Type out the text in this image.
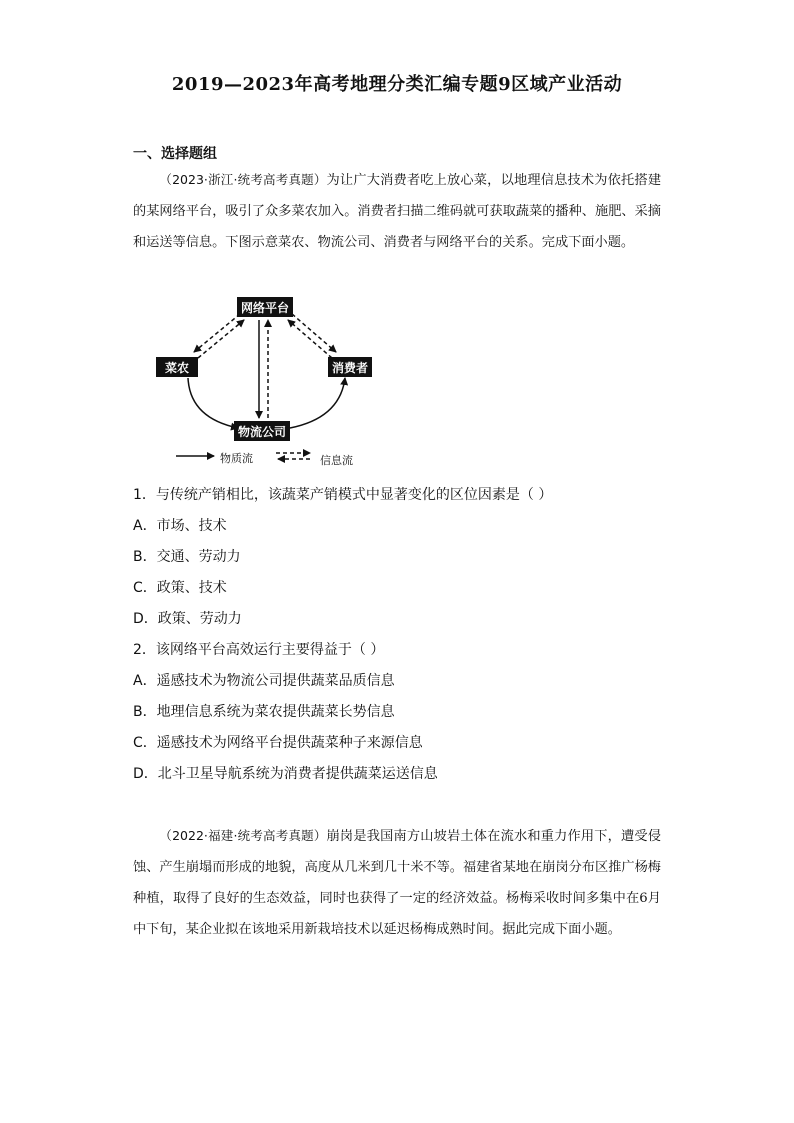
2019—2023年高考地理分类汇编专题9区域产业活动
一、选择题组
（2023·浙江·统考高考真题）为让广大消费者吃上放心菜，以地理信息技术为依托搭建的某网络平台，吸引了众多菜农加入。消费者扫描二维码就可获取蔬菜的播种、施肥、采摘和运送等信息。下图示意菜农、物流公司、消费者与网络平台的关系。完成下面小题。
网络平台
菜农	消费者
物流公司
物质流	信息流
1．与传统产销相比，该蔬菜产销模式中显著变化的区位因素是（ ）
A．市场、技术
B．交通、劳动力
C．政策、技术
D．政策、劳动力
2．该网络平台高效运行主要得益于（ ）
A．遥感技术为物流公司提供蔬菜品质信息
B．地理信息系统为菜农提供蔬菜长势信息
C．遥感技术为网络平台提供蔬菜种子来源信息
D．北斗卫星导航系统为消费者提供蔬菜运送信息
（2022·福建·统考高考真题）崩岗是我国南方山坡岩土体在流水和重力作用下，遭受侵蚀、产生崩塌而形成的地貌，高度从几米到几十米不等。福建省某地在崩岗分布区推广杨梅种植，取得了良好的生态效益，同时也获得了一定的经济效益。杨梅采收时间多集中在6月中下旬，某企业拟在该地采用新栽培技术以延迟杨梅成熟时间。据此完成下面小题。
